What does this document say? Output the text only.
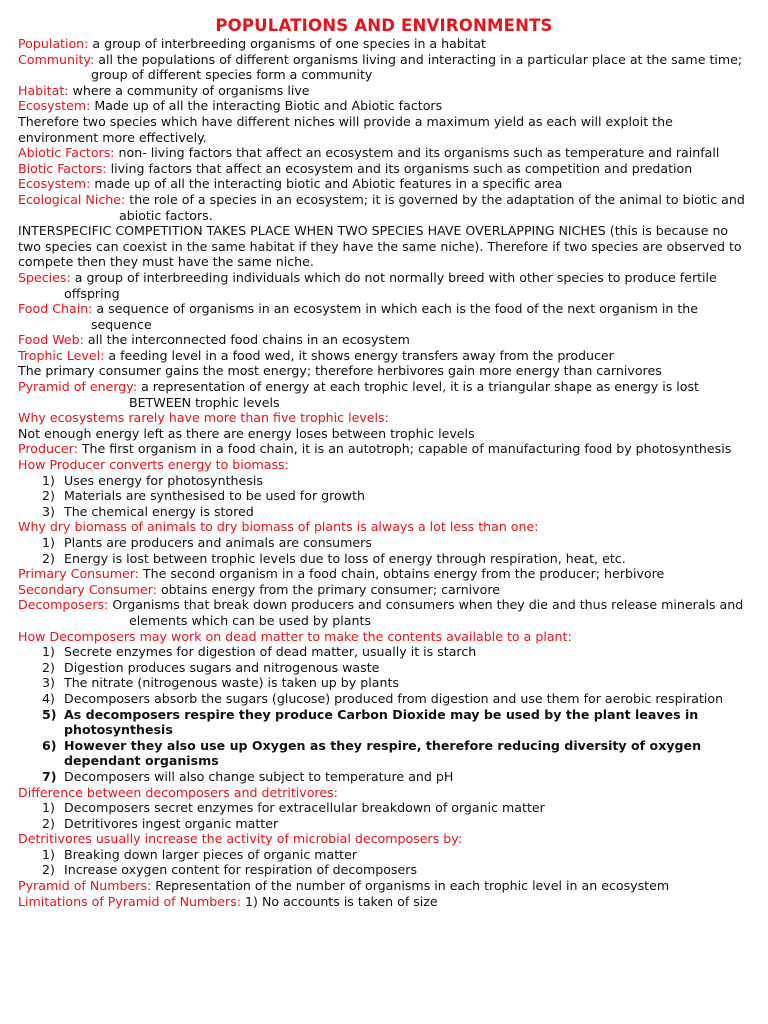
POPULATIONS AND ENVIRONMENTS
Population: a group of interbreeding organisms of one species in a habitat
Community: all the populations of different organisms living and interacting in a particular place at the same time; group of different species form a community
Habitat: where a community of organisms live
Ecosystem: Made up of all the interacting Biotic and Abiotic factors
Therefore two species which have different niches will provide a maximum yield as each will exploit the environment more effectively.
Abiotic Factors: non- living factors that affect an ecosystem and its organisms such as temperature and rainfall
Biotic Factors: living factors that affect an ecosystem and its organisms such as competition and predation
Ecosystem: made up of all the interacting biotic and Abiotic features in a specific area
Ecological Niche: the role of a species in an ecosystem; it is governed by the adaptation of the animal to biotic and abiotic factors.
INTERSPECIFIC COMPETITION TAKES PLACE WHEN TWO SPECIES HAVE OVERLAPPING NICHES (this is because no two species can coexist in the same habitat if they have the same niche). Therefore if two species are observed to compete then they must have the same niche.
Species: a group of interbreeding individuals which do not normally breed with other species to produce fertile offspring
Food Chain: a sequence of organisms in an ecosystem in which each is the food of the next organism in the sequence
Food Web: all the interconnected food chains in an ecosystem
Trophic Level: a feeding level in a food wed, it shows energy transfers away from the producer
The primary consumer gains the most energy; therefore herbivores gain more energy than carnivores
Pyramid of energy: a representation of energy at each trophic level, it is a triangular shape as energy is lost BETWEEN trophic levels
Why ecosystems rarely have more than five trophic levels:
Not enough energy left as there are energy loses between trophic levels
Producer: The first organism in a food chain, it is an autotroph; capable of manufacturing food by photosynthesis
How Producer converts energy to biomass:
1) Uses energy for photosynthesis
2) Materials are synthesised to be used for growth
3) The chemical energy is stored
Why dry biomass of animals to dry biomass of plants is always a lot less than one:
1) Plants are producers and animals are consumers
2) Energy is lost between trophic levels due to loss of energy through respiration, heat, etc.
Primary Consumer: The second organism in a food chain, obtains energy from the producer; herbivore
Secondary Consumer: obtains energy from the primary consumer; carnivore
Decomposers: Organisms that break down producers and consumers when they die and thus release minerals and elements which can be used by plants
How Decomposers may work on dead matter to make the contents available to a plant:
1) Secrete enzymes for digestion of dead matter, usually it is starch
2) Digestion produces sugars and nitrogenous waste
3) The nitrate (nitrogenous waste) is taken up by plants
4) Decomposers absorb the sugars (glucose) produced from digestion and use them for aerobic respiration
5) As decomposers respire they produce Carbon Dioxide may be used by the plant leaves in photosynthesis
6) However they also use up Oxygen as they respire, therefore reducing diversity of oxygen dependant organisms
7) Decomposers will also change subject to temperature and pH
Difference between decomposers and detritivores:
1) Decomposers secret enzymes for extracellular breakdown of organic matter
2) Detritivores ingest organic matter
Detritivores usually increase the activity of microbial decomposers by:
1) Breaking down larger pieces of organic matter
2) Increase oxygen content for respiration of decomposers
Pyramid of Numbers: Representation of the number of organisms in each trophic level in an ecosystem
Limitations of Pyramid of Numbers: 1) No accounts is taken of size
